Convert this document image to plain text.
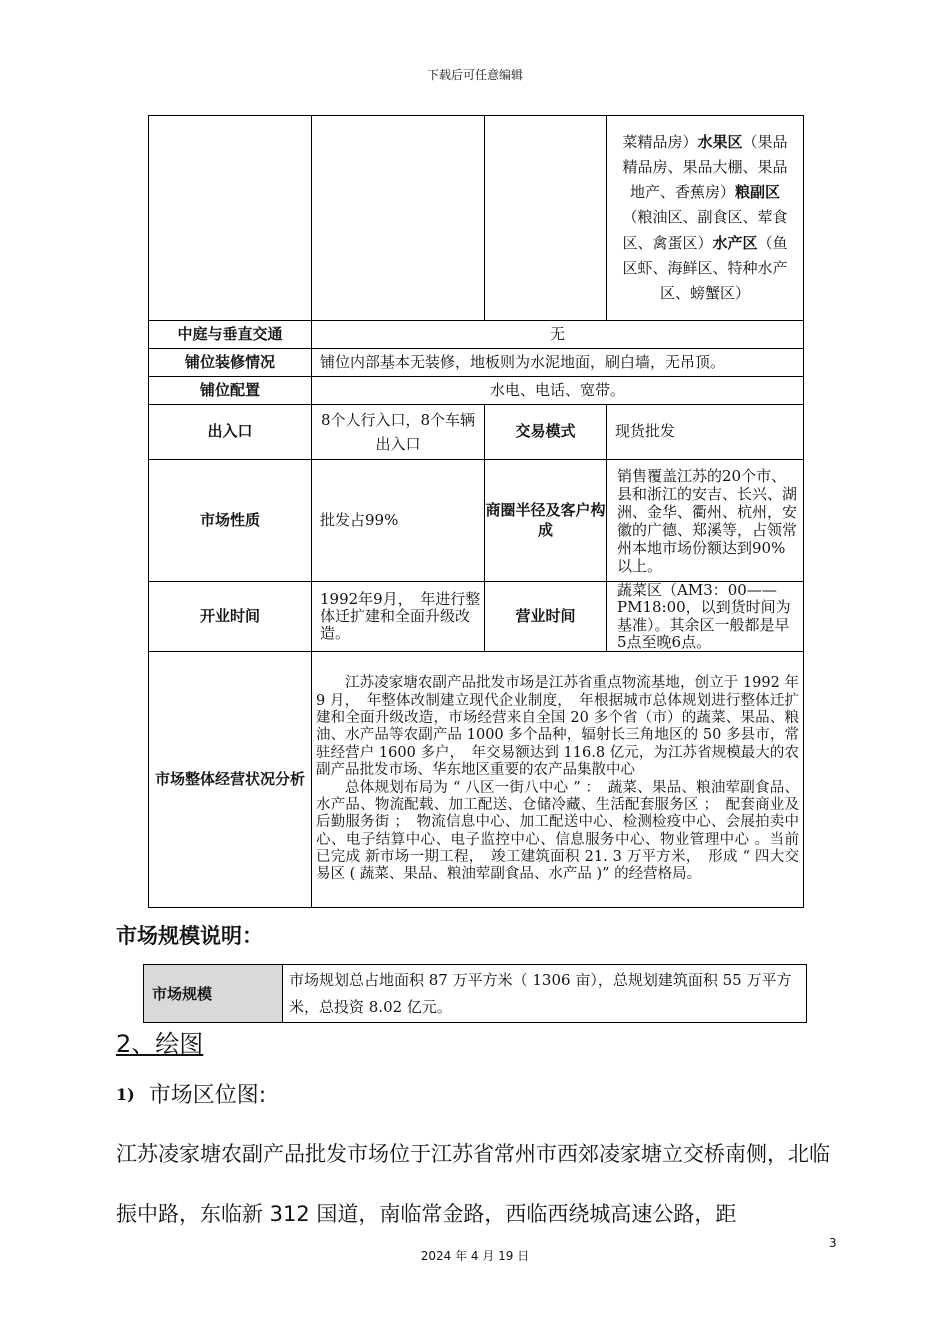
下载后可任意编辑
			菜精品房）水果区（果品精品房、果品大棚、果品地产、香蕉房）粮副区（粮油区、副食区、荤食区、禽蛋区）水产区（鱼区虾、海鲜区、特种水产区、螃蟹区）
中庭与垂直交通	无		
铺位装修情况	铺位内部基本无装修，地板则为水泥地面，刷白墙，无吊顶。		
铺位配置	水电、电话、宽带。		
出入口	8个人行入口，8个车辆出入口	交易模式	现货批发
市场性质	批发占99%	商圈半径及客户构成	销售覆盖江苏的20个市、县和浙江的安吉、长兴、湖洲、金华、衢州、杭州，安徽的广德、郑溪等，占领常州本地市场份额达到90%以上。
开业时间	1992年9月，　年进行整体迁扩建和全面升级改造。	营业时间	蔬菜区（AM3：00——PM18:00，以到货时间为基准）。其余区一般都是早5点至晚6点。
市场整体经营状况分析	江苏凌家塘农副产品批发市场是江苏省重点物流基地，创立于 1992 年 9 月，　年整体改制建立现代企业制度，　年根据城市总体规划进行整体迁扩建和全面升级改造，市场经营来自全国 20 多个省（市）的蔬菜、果品、粮油、水产品等农副产品 1000 多个品种，辐射长三角地区的 50 多县市，常驻经营户 1600 多户，　年交易额达到 116.8 亿元，为江苏省规模最大的农副产品批发市场、华东地区重要的农产品集散中心

总体规划布局为 “ 八区一街八中心 ” ：　蔬菜、果品、粮油荤副食品、水产品、物流配载、加工配送、仓储冷藏、生活配套服务区 ；　配套商业及后勤服务街 ；　物流信息中心、加工配送中心、检测检疫中心、会展拍卖中心、电子结算中心、电子监控中心、信息服务中心、物业管理中心 。当前已完成 新市场一期工程，　竣工建筑面积 21. 3 万平方米，　形成 “ 四大交易区 ( 蔬菜、果品、粮油荤副食品、水产品 )” 的经营格局。		

市场规模说明：
市场规模	市场规划总占地面积 87 万平方米（ 1306 亩），总规划建筑面积 55 万平方米，总投资 8.02 亿元。
2、绘图
1) 市场区位图:
江苏凌家塘农副产品批发市场位于江苏省常州市西郊凌家塘立交桥南侧，北临振中路，东临新 312 国道，南临常金路，西临西绕城高速公路，距
3
2024 年 4 月 19 日
